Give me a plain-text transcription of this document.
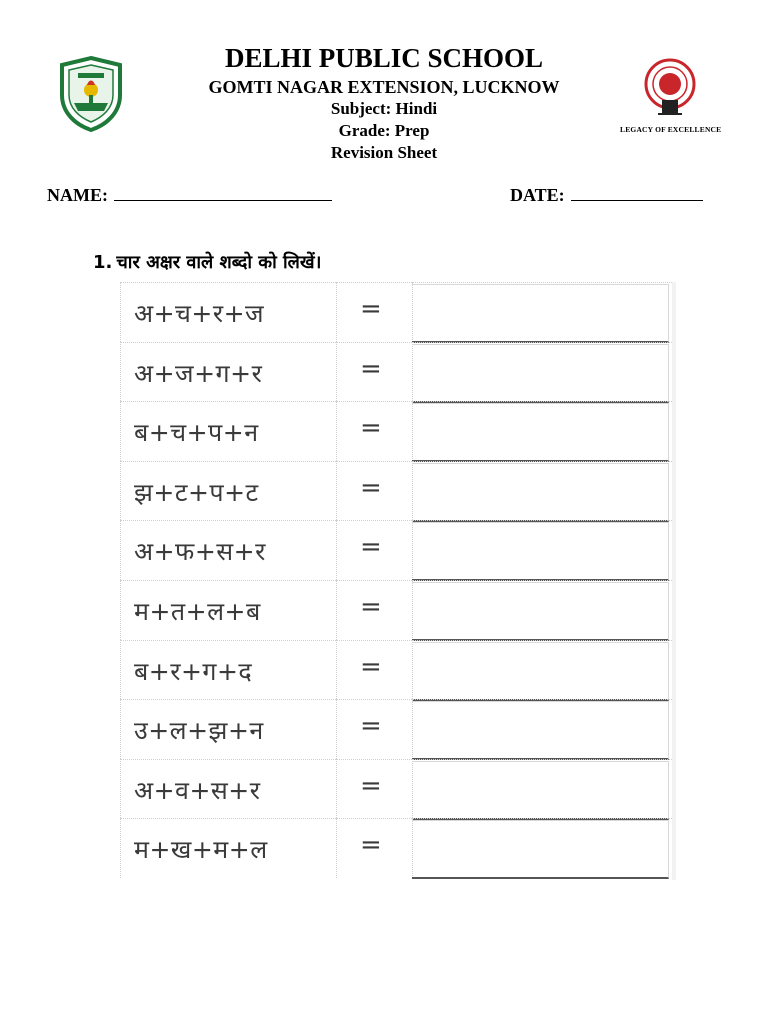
DELHI PUBLIC SCHOOL
GOMTI NAGAR EXTENSION, LUCKNOW
Subject: Hindi
Grade: Prep
Revision Sheet
LEGACY OF EXCELLENCE
NAME:	DATE:
1. चार अक्षर वाले शब्दो को लिखें।
अ+च+र+ज	=
अ+ज+ग+र	=
ब+च+प+न	=
झ+ट+प+ट	=
अ+फ+स+र	=
म+त+ल+ब	=
ब+र+ग+द	=
उ+ल+झ+न	=
अ+व+स+र	=
म+ख+म+ल	=
